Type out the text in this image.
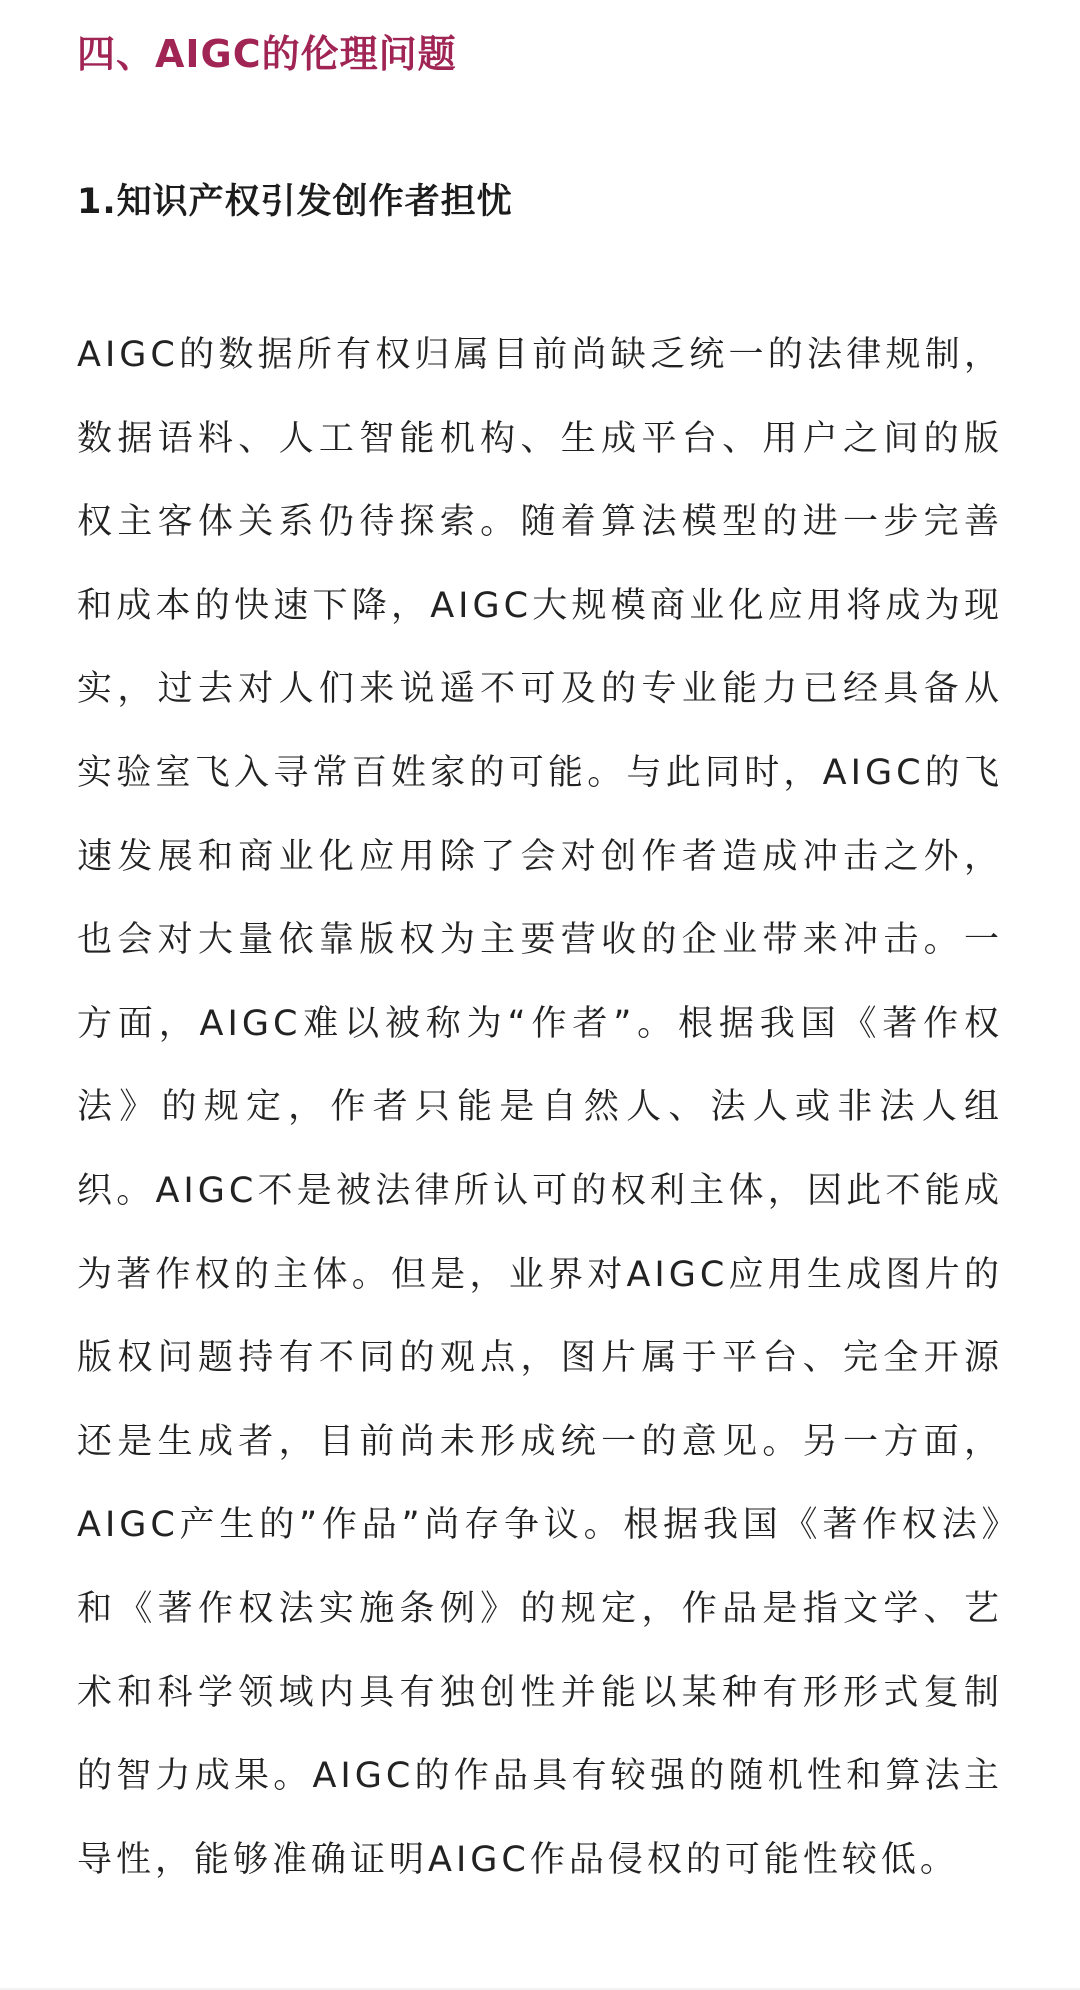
四、AIGC的伦理问题
1.知识产权引发创作者担忧

AIGC的数据所有权归属目前尚缺乏统一的法律规制，数据语料、人工智能机构、生成平台、用户之间的版权主客体关系仍待探索。随着算法模型的进一步完善和成本的快速下降，AIGC大规模商业化应用将成为现实，过去对人们来说遥不可及的专业能力已经具备从实验室飞入寻常百姓家的可能。与此同时，AIGC的飞速发展和商业化应用除了会对创作者造成冲击之外，也会对大量依靠版权为主要营收的企业带来冲击。一方面，AIGC难以被称为“作者”。根据我国《著作权法》的规定，作者只能是自然人、法人或非法人组织。AIGC不是被法律所认可的权利主体，因此不能成为著作权的主体。但是，业界对AIGC应用生成图片的版权问题持有不同的观点，图片属于平台、完全开源还是生成者，目前尚未形成统一的意见。另一方面，AIGC产生的”作品”尚存争议。根据我国《著作权法》和《著作权法实施条例》的规定，作品是指文学、艺术和科学领域内具有独创性并能以某种有形形式复制的智力成果。AIGC的作品具有较强的随机性和算法主导性，能够准确证明AIGC作品侵权的可能性较低。
